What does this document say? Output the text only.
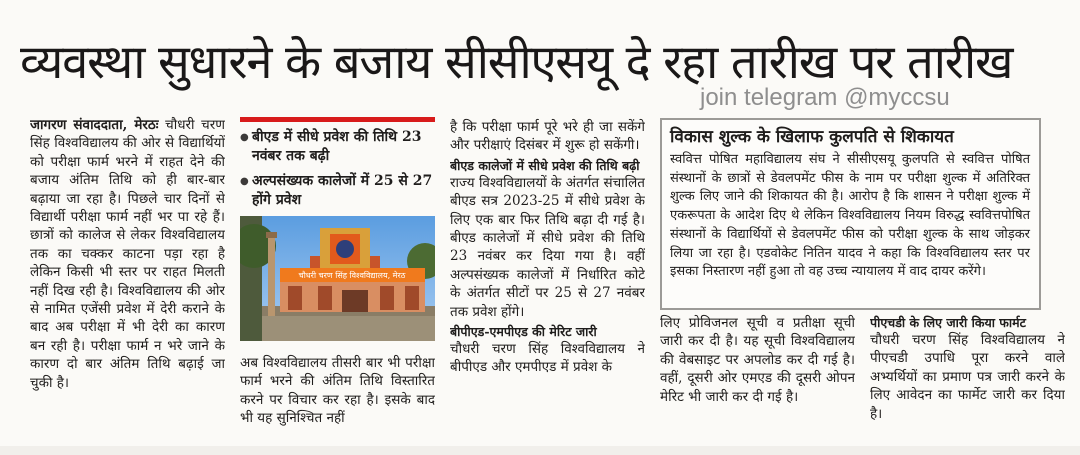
व्यवस्था सुधारने के बजाय सीसीएसयू दे रहा तारीख पर तारीख
join telegram @myccsu

जागरण संवाददाता, मेरठः चौधरी चरण सिंह विश्वविद्यालय की ओर से विद्यार्थियों को परीक्षा फार्म भरने में राहत देने की बजाय अंतिम तिथि को ही बार-बार बढ़ाया जा रहा है। पिछले चार दिनों से विद्यार्थी परीक्षा फार्म नहीं भर पा रहे हैं। छात्रों को कालेज से लेकर विश्वविद्यालय तक का चक्कर काटना पड़ा रहा है लेकिन किसी भी स्तर पर राहत मिलती नहीं दिख रही है। विश्वविद्यालय की ओर से नामित एजेंसी प्रवेश में देरी कराने के बाद अब परीक्षा में भी देरी का कारण बन रही है। परीक्षा फार्म न भरे जाने के कारण दो बार अंतिम तिथि बढ़ाई जा चुकी है।

● बीएड में सीधे प्रवेश की तिथि 23 नवंबर तक बढ़ी
● अल्पसंख्यक कालेजों में 25 से 27 होंगे प्रवेश
चौधरी चरण सिंह विश्वविद्यालय, मेरठ

अब विश्वविद्यालय तीसरी बार भी परीक्षा फार्म भरने की अंतिम तिथि विस्तारित करने पर विचार कर रहा है। इसके बाद भी यह सुनिश्चित नहीं

है कि परीक्षा फार्म पूरे भरे ही जा सकेंगे और परीक्षाएं दिसंबर में शुरू हो सकेंगी।

बीएड कालेजों में सीधे प्रवेश की तिथि बढ़ी

राज्य विश्वविद्यालयों के अंतर्गत संचालित बीएड सत्र 2023-25 में सीधे प्रवेश के लिए एक बार फिर तिथि बढ़ा दी गई है। बीएड कालेजों में सीधे प्रवेश की तिथि 23 नवंबर कर दिया गया है। वहीं अल्पसंख्यक कालेजों में निर्धारित कोटे के अंतर्गत सीटों पर 25 से 27 नवंबर तक प्रवेश होंगे।

बीपीएड-एमपीएड की मेरिट जारी

चौधरी चरण सिंह विश्वविद्यालय ने बीपीएड और एमपीएड में प्रवेश के

विकास शुल्क के खिलाफ कुलपति से शिकायत
स्ववित्त पोषित महाविद्यालय संघ ने सीसीएसयू कुलपति से स्ववित्त पोषित संस्थानों के छात्रों से डेवलपमेंट फीस के नाम पर परीक्षा शुल्क में अतिरिक्त शुल्क लिए जाने की शिकायत की है। आरोप है कि शासन ने परीक्षा शुल्क में एकरूपता के आदेश दिए थे लेकिन विश्वविद्यालय नियम विरुद्ध स्ववित्तपोषित संस्थानों के विद्यार्थियों से डेवलपमेंट फीस को परीक्षा शुल्क के साथ जोड़कर लिया जा रहा है। एडवोकेट नितिन यादव ने कहा कि विश्वविद्यालय स्तर पर इसका निस्तारण नहीं हुआ तो वह उच्च न्यायालय में वाद दायर करेंगे।

लिए प्रोविजनल सूची व प्रतीक्षा सूची जारी कर दी है। यह सूची विश्वविद्यालय की वेबसाइट पर अपलोड कर दी गई है। वहीं, दूसरी ओर एमएड की दूसरी ओपन मेरिट भी जारी कर दी गई है।

पीएचडी के लिए जारी किया फार्मट

चौधरी चरण सिंह विश्वविद्यालय ने पीएचडी उपाधि पूरा करने वाले अभ्यर्थियों का प्रमाण पत्र जारी करने के लिए आवेदन का फार्मेट जारी कर दिया है।
